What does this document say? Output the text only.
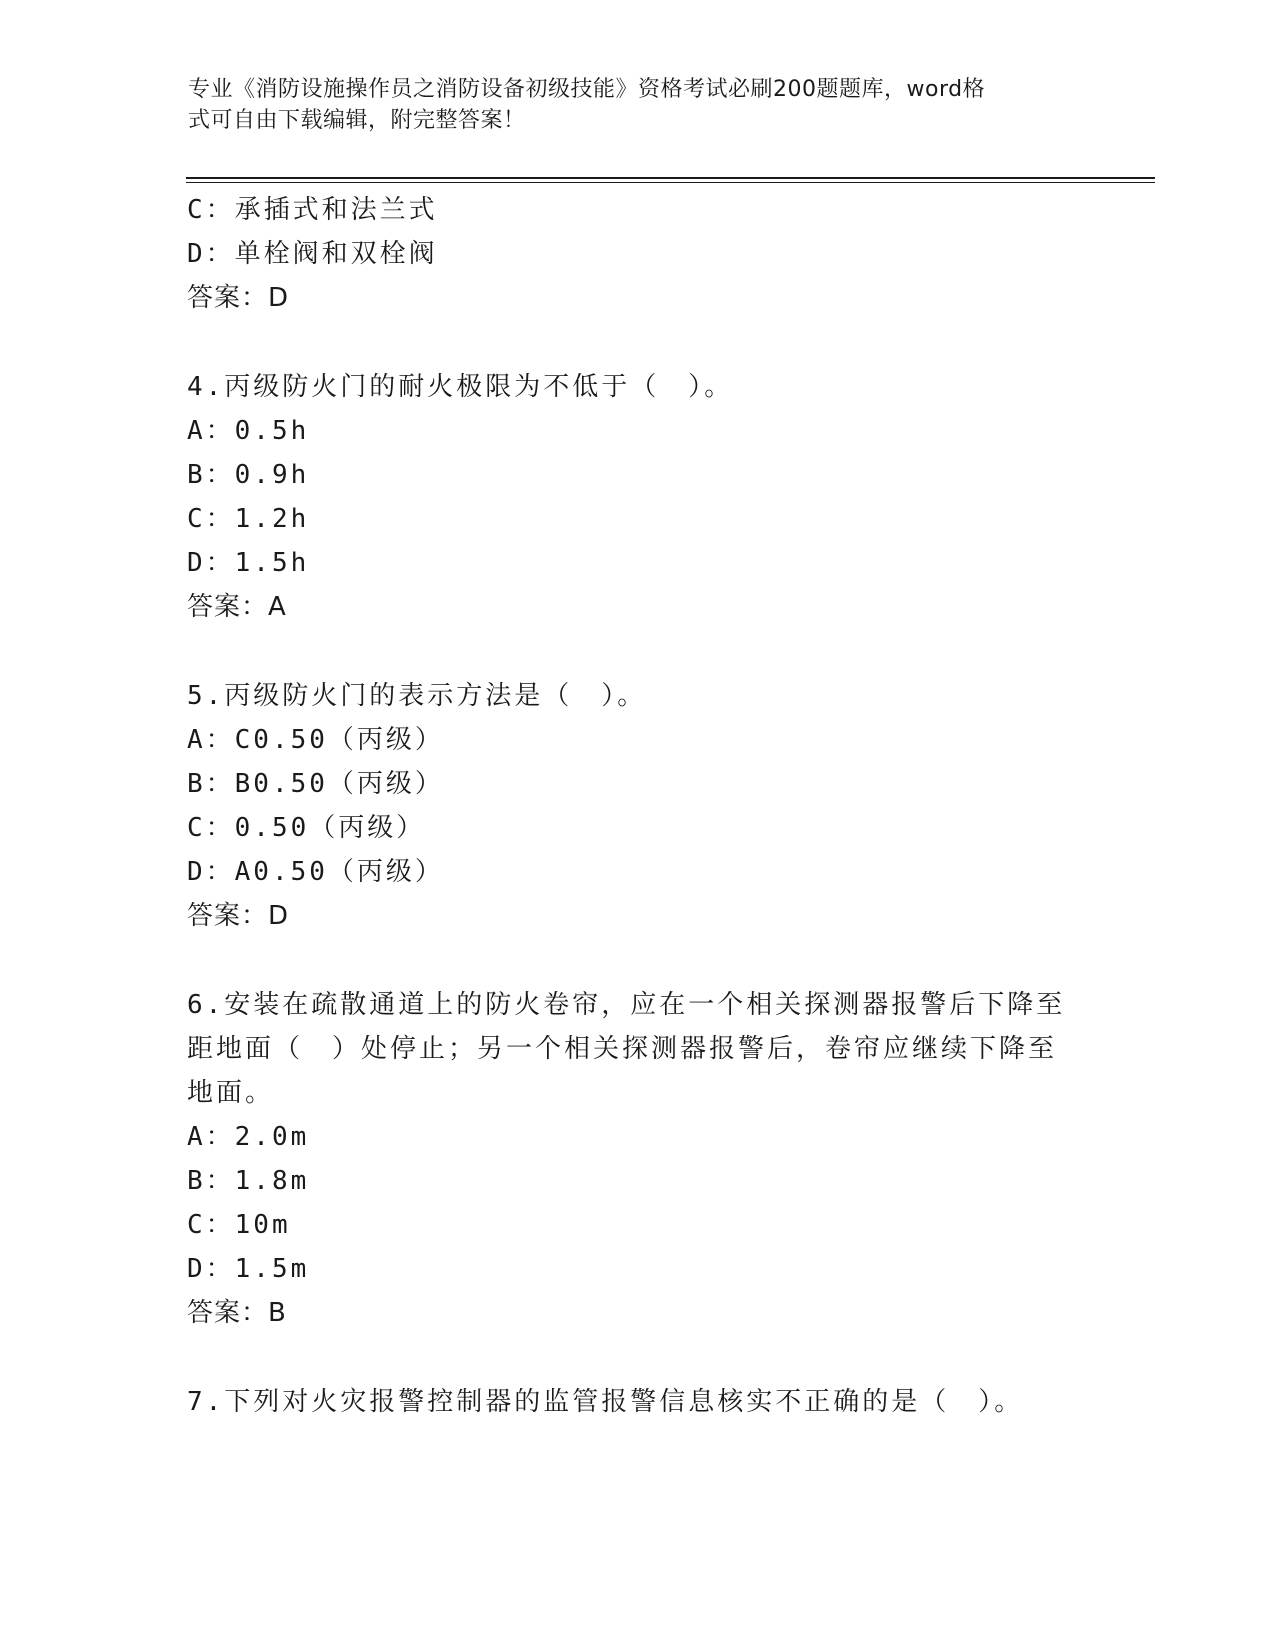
专业《消防设施操作员之消防设备初级技能》资格考试必刷200题题库，word格
式可自由下载编辑，附完整答案！
C：承插式和法兰式
D：单栓阀和双栓阀
答案：D
4.丙级防火门的耐火极限为不低于（　）。
A：0.5h
B：0.9h
C：1.2h
D：1.5h
答案：A
5.丙级防火门的表示方法是（　）。
A：C0.50（丙级）
B：B0.50（丙级）
C：0.50（丙级）
D：A0.50（丙级）
答案：D
6.安装在疏散通道上的防火卷帘，应在一个相关探测器报警后下降至
距地面（　）处停止；另一个相关探测器报警后，卷帘应继续下降至
地面。
A：2.0m
B：1.8m
C：10m
D：1.5m
答案：B
7.下列对火灾报警控制器的监管报警信息核实不正确的是（　）。
